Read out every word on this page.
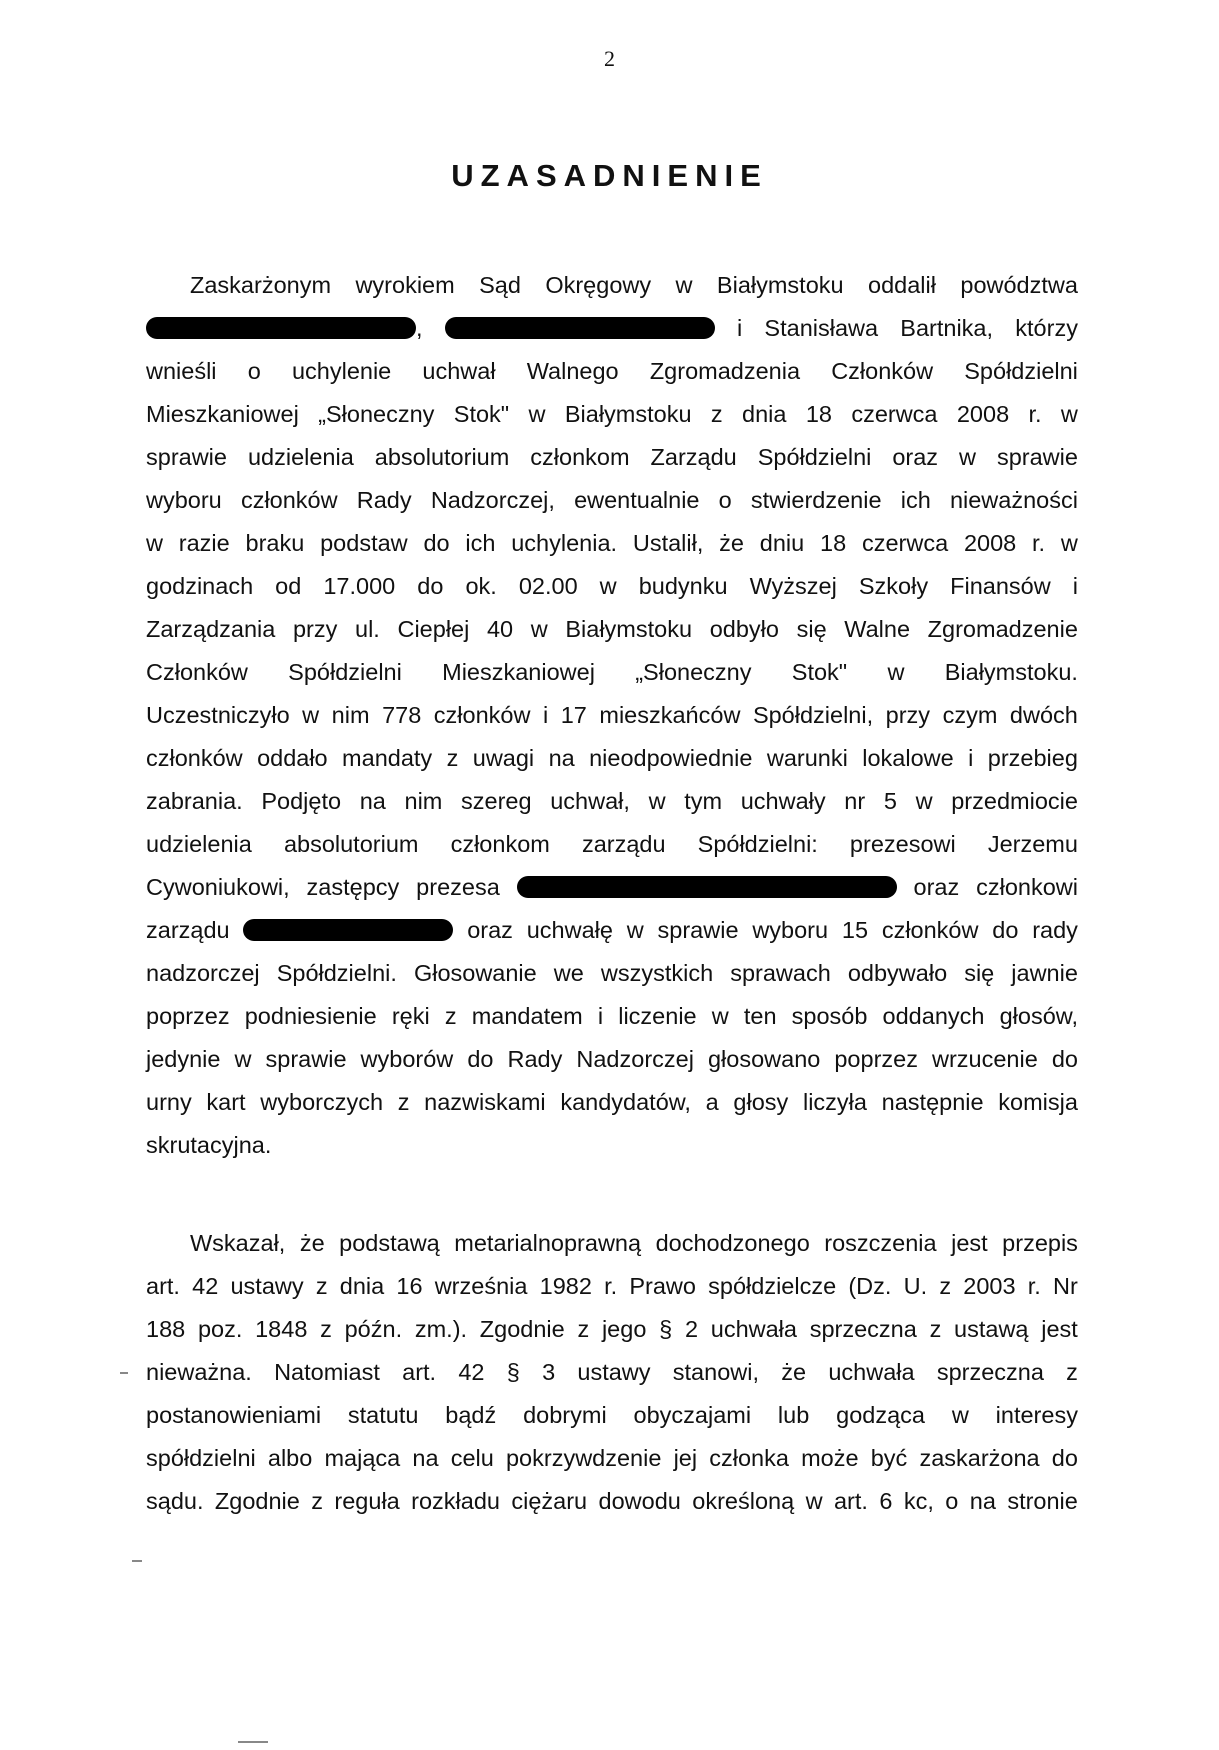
2
UZASADNIENIE
Zaskarżonym wyrokiem Sąd Okręgowy w Białymstoku oddalił powództwa
,	i Stanisława Bartnika, którzy
wnieśli o uchylenie uchwał Walnego Zgromadzenia Członków Spółdzielni
Mieszkaniowej „Słoneczny Stok" w Białymstoku z dnia 18 czerwca 2008 r. w
sprawie udzielenia absolutorium członkom Zarządu Spółdzielni oraz w sprawie
wyboru członków Rady Nadzorczej, ewentualnie o stwierdzenie ich nieważności
w razie braku podstaw do ich uchylenia. Ustalił, że dniu 18 czerwca 2008 r. w
godzinach od 17.000 do ok. 02.00 w budynku Wyższej Szkoły Finansów i
Zarządzania przy ul. Ciepłej 40 w Białymstoku odbyło się Walne Zgromadzenie
Członków Spółdzielni Mieszkaniowej „Słoneczny Stok" w Białymstoku.
Uczestniczyło w nim 778 członków i 17 mieszkańców Spółdzielni, przy czym dwóch
członków oddało mandaty z uwagi na nieodpowiednie warunki lokalowe i przebieg
zabrania. Podjęto na nim szereg uchwał, w tym uchwały nr 5 w przedmiocie
udzielenia absolutorium członkom zarządu Spółdzielni: prezesowi Jerzemu
Cywoniukowi, zastępcy prezesa	oraz członkowi
zarządu	oraz uchwałę w sprawie wyboru 15 członków do rady
nadzorczej Spółdzielni. Głosowanie we wszystkich sprawach odbywało się jawnie
poprzez podniesienie ręki z mandatem i liczenie w ten sposób oddanych głosów,
jedynie w sprawie wyborów do Rady Nadzorczej głosowano poprzez wrzucenie do
urny kart wyborczych z nazwiskami kandydatów, a głosy liczyła następnie komisja
skrutacyjna.
Wskazał, że podstawą metarialnoprawną dochodzonego roszczenia jest przepis
art. 42 ustawy z dnia 16 września 1982 r. Prawo spółdzielcze (Dz. U. z 2003 r. Nr
188 poz. 1848 z późn. zm.). Zgodnie z jego § 2 uchwała sprzeczna z ustawą jest
nieważna. Natomiast art. 42 § 3 ustawy stanowi, że uchwała sprzeczna z
postanowieniami statutu bądź dobrymi obyczajami lub godząca w interesy
spółdzielni albo mająca na celu pokrzywdzenie jej członka może być zaskarżona do
sądu. Zgodnie z reguła rozkładu ciężaru dowodu określoną w art. 6 kc, o na stronie
